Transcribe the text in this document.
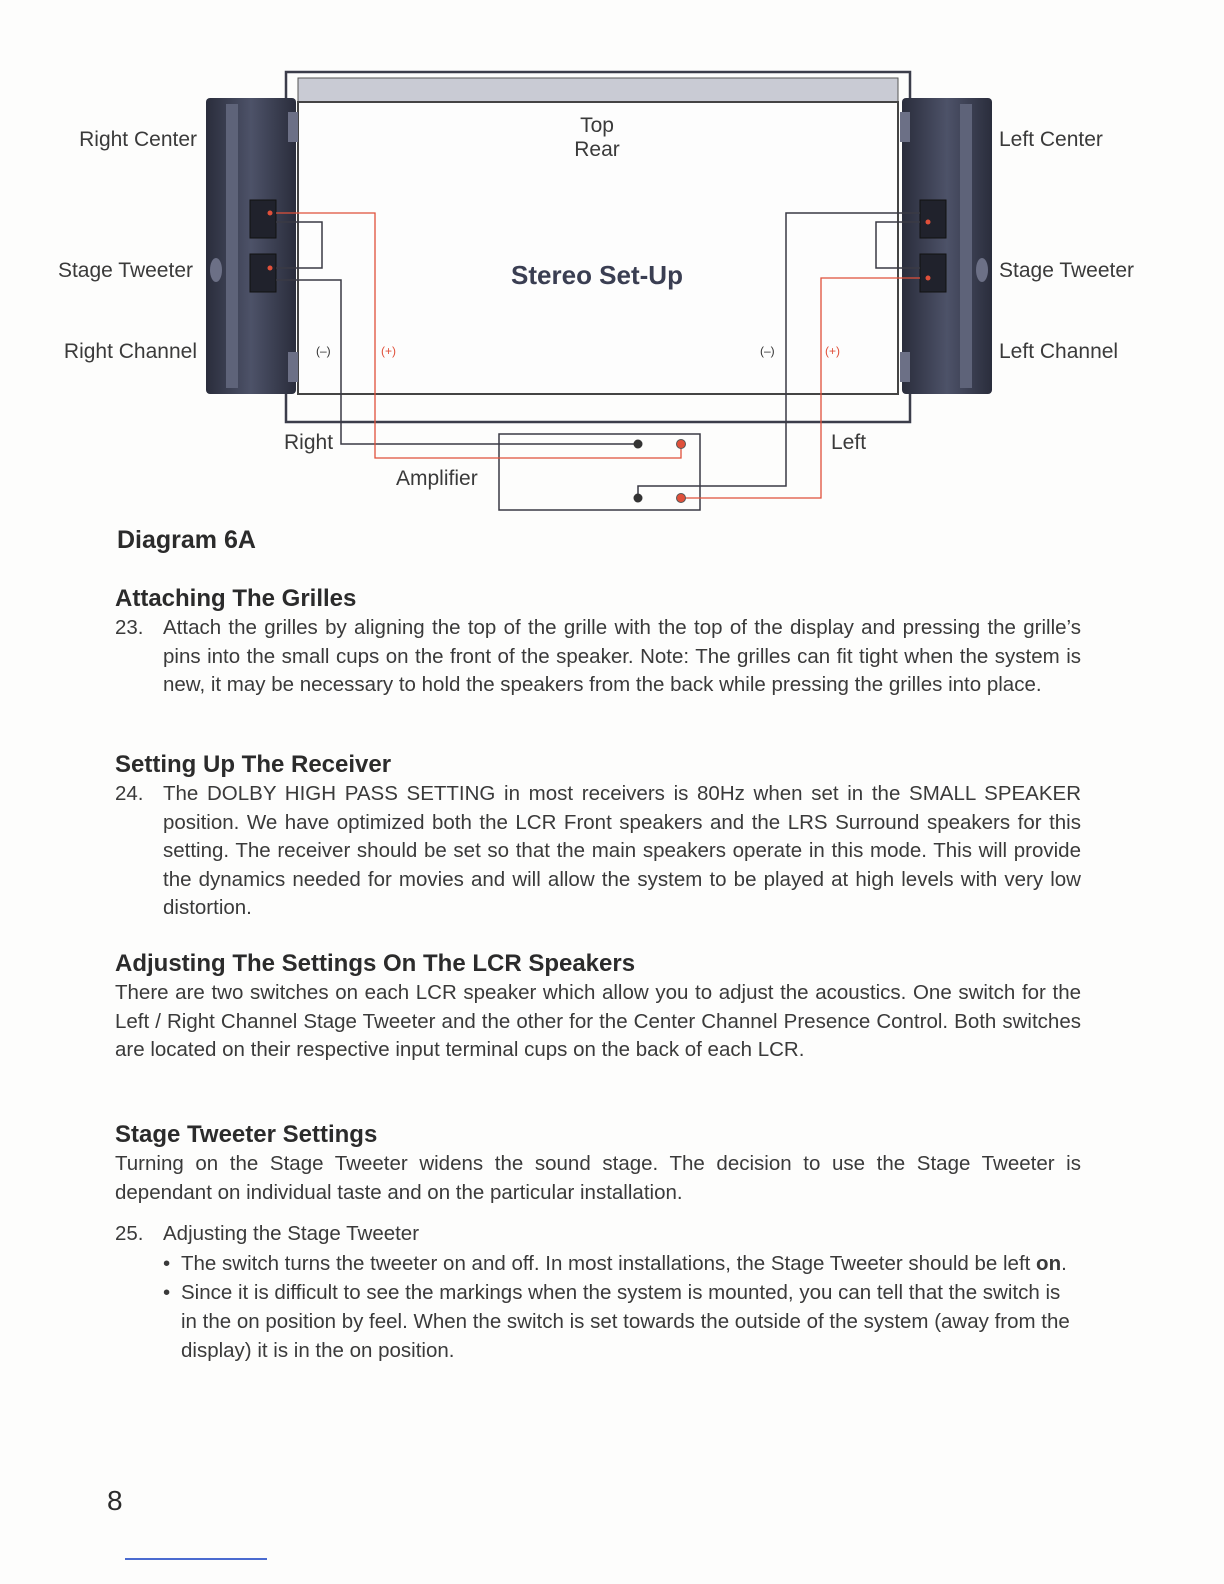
Top
Rear
Stereo Set-Up
Right Center
Stage Tweeter
Right Channel
Left Center
Stage Tweeter
Left Channel
(–)	(+)	(–)	(+)
Right	Left
Amplifier

Diagram 6A

Attaching The Grilles
23. Attach the grilles by aligning the top of the grille with the top of the display and pressing the grille’s pins into the small cups on the front of the speaker. Note: The grilles can fit tight when the system is new, it may be necessary to hold the speakers from the back while pressing the grilles into place.
Setting Up The Receiver
24. The DOLBY HIGH PASS SETTING in most receivers is 80Hz when set in the SMALL SPEAKER position. We have optimized both the LCR Front speakers and the LRS Surround speakers for this setting. The receiver should be set so that the main speakers operate in this mode. This will provide the dynamics needed for movies and will allow the system to be played at high levels with very low distortion.
Adjusting The Settings On The LCR Speakers

There are two switches on each LCR speaker which allow you to adjust the acoustics. One switch for the Left / Right Channel Stage Tweeter and the other for the Center Channel Presence Control. Both switches are located on their respective input terminal cups on the back of each LCR.

Stage Tweeter Settings

Turning on the Stage Tweeter widens the sound stage. The decision to use the Stage Tweeter is dependant on individual taste and on the particular installation.

25. Adjusting the Stage Tweeter
• The switch turns the tweeter on and off. In most installations, the Stage Tweeter should be left on.
• Since it is difficult to see the markings when the system is mounted, you can tell that the switch is in the on position by feel. When the switch is set towards the outside of the system (away from the display) it is in the on position.
8
